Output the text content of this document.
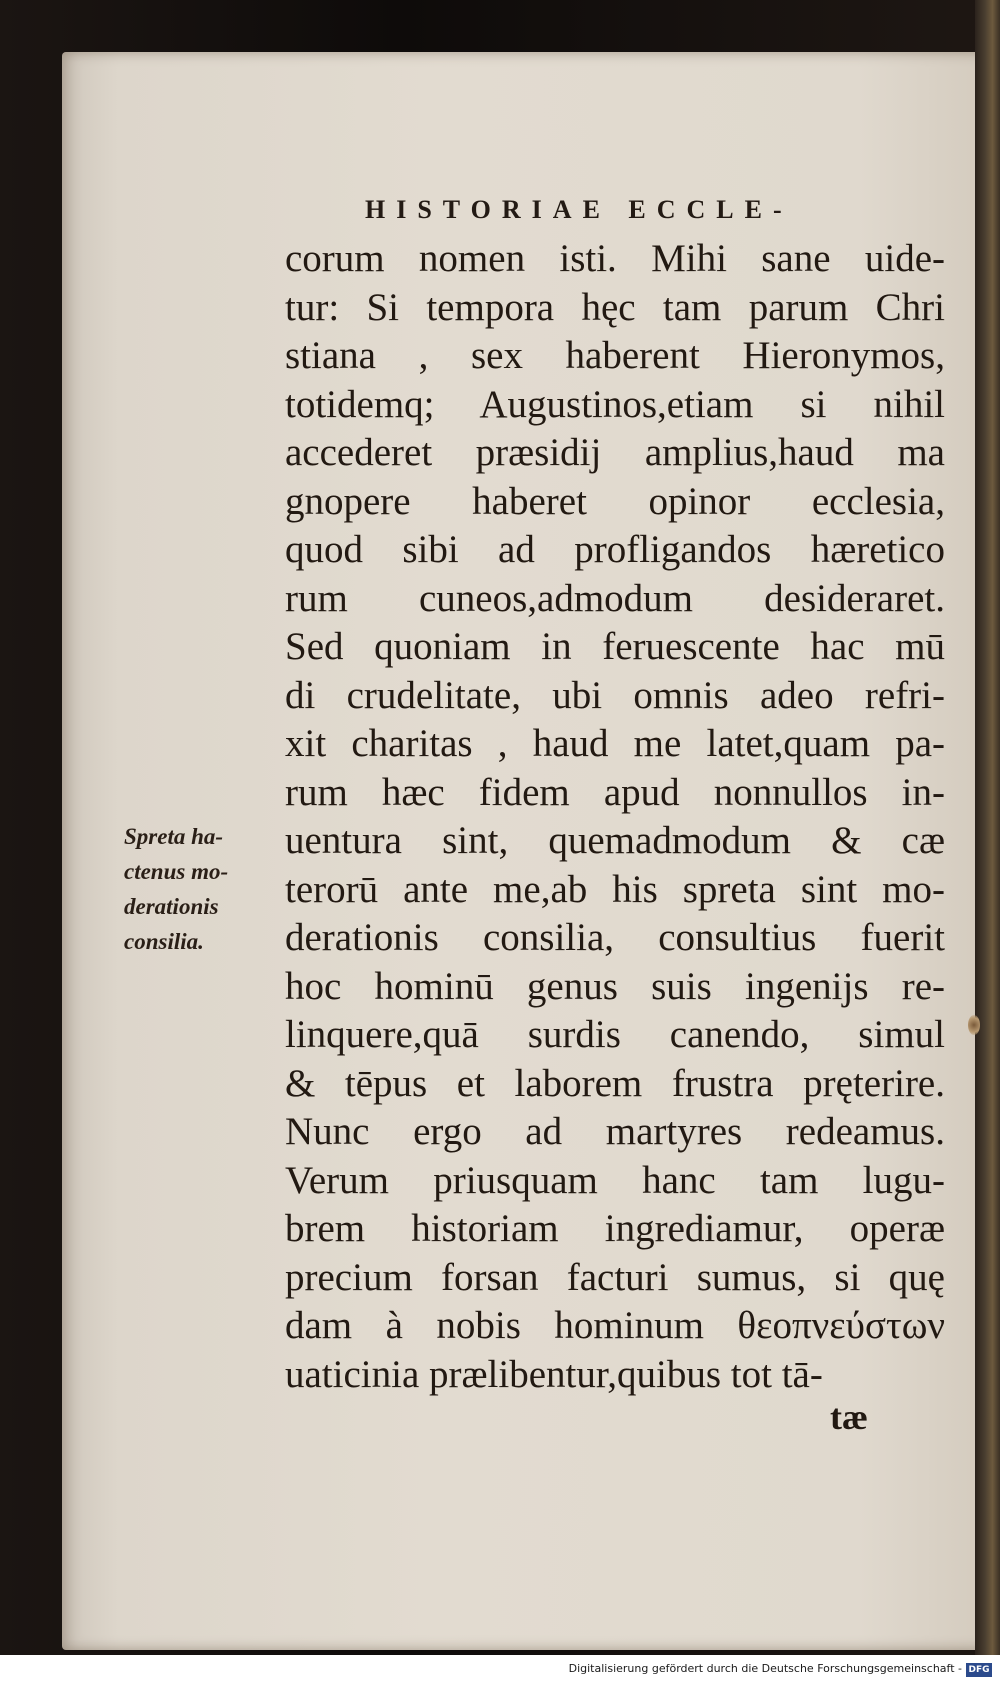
HISTORIAE ECCLE-
corum nomen isti. Mihi sane uide-
tur: Si tempora hęc tam parum Chri
stiana , sex haberent Hieronymos,
totidemq; Augustinos,etiam si nihil
accederet præsidij amplius,haud ma
gnopere haberet opinor ecclesia,
quod sibi ad profligandos hæretico
rum cuneos,admodum desideraret.
Sed quoniam in feruescente hac mū
di crudelitate, ubi omnis adeo refri-
xit charitas , haud me latet,quam pa-
rum hæc fidem apud nonnullos in-
uentura sint, quemadmodum & cæ
terorū ante me,ab his spreta sint mo-
derationis consilia, consultius fuerit
hoc hominū genus suis ingenijs re-
linquere,quā surdis canendo, simul
& tēpus et laborem frustra pręterire.
Nunc ergo ad martyres redeamus.
Verum priusquam hanc tam lugu-
brem historiam ingrediamur, operæ
precium forsan facturi sumus, si quę
dam à nobis hominum θεοπνεύστων
uaticinia prælibentur,quibus tot tā-
tæ
Spreta ha-
ctenus mo-
derationis
consilia.
Digitalisierung gefördert durch die Deutsche Forschungsgemeinschaft - DFG
